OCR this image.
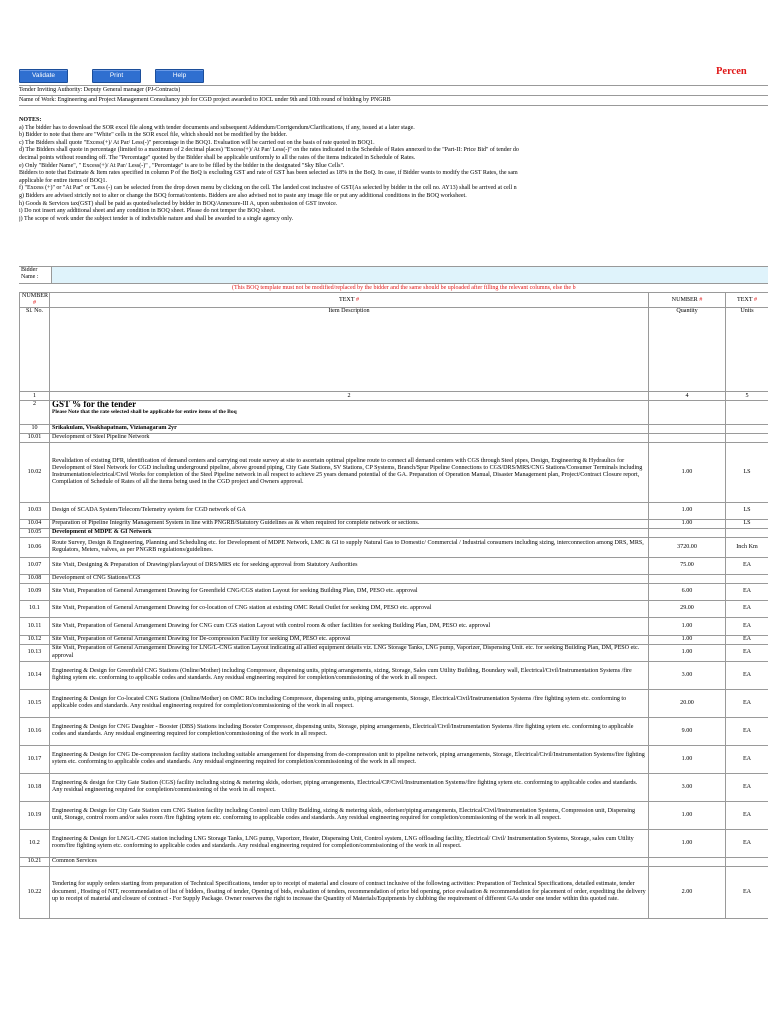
Validate	Print	Help	Percen
Tender Inviting Authority: Deputy General manager (PJ-Contracts)
Name of Work: Engineering and Project Management Consultancy job for CGD project awarded to IOCL under 9th and 10th round of bidding by PNGRB
NOTES:
a) The bidder has to download the SOR excel file along with tender documents and subsequent Addendum/Corrigendum/Clarifications, if any, issued at a later stage.
b) Bidder to note that there are "White" cells in the SOR excel file, which should not be modified by the bidder.
c) The Bidders shall quote "Excess(+)/ At Par/ Less(-)" percentage in the BOQ1. Evaluation will be carried out on the basis of rate quoted in BOQ1.
d) The Bidders shall quote in percentage (limited to a maximum of 2 decimal places) "Excess(+)/ At Par/ Less(-)" on the rates indicated in the Schedule of Rates annexed to the "Part-II: Price Bid" of tender do
decimal points without rounding off. The "Percentage" quoted by the Bidder shall be applicable uniformly to all the rates of the items indicated in Schedule of Rates.
e) Only "Bidder Name", " Excess(+)/ At Par/ Less(-)" , "Percentage" is are to be filled by the bidder in the designated "Sky Blue Cells".
Bidders to note that Estimate & Item rates specified in column P of the BoQ is excluding GST and rate of GST has been selected as 18% in the BoQ. In case, if Bidder wants to modify the GST Rates, the sam
applicable for entire items of BOQ1.
f) "Excess (+)" or "At Par" or "Less (-) can be selected from the drop down menu by clicking on the cell. The landed cost inclusive of GST(As selected by bidder in the cell no. AY13) shall be arrived at cell n
g) Bidders are advised strictly not to alter or change the BOQ format/contents. Bidders are also advised not to paste any image file or put any additional conditions in the BOQ worksheet.
h) Goods & Services tax(GST) shall be paid as quoted/selected by bidder in BOQ/Annexure-III A, upon submission of GST invoice.
i) Do not insert any additional sheet and any condition in BOQ sheet. Please do not temper the BOQ sheet.
j) The scope of work under the subject tender is of indivisible nature and shall be awarded to a single agency only.
Bidder Name :
(This BOQ template must not be modified/replaced by the bidder and the same should be uploaded after filling the relevant columns, else the b
NUMBER #	TEXT #	NUMBER #	TEXT #
Sl. No.	Item Description	Quantity	Units
1	2	4	5
2	GST % for the tender
Please Note that the rate selected shall be applicable for entire items of the Boq		

10	Srikakulam, Visakhapatnam, Vizianagaram 2yr		
10.01	Development of Steel Pipeline Network		
10.02	Revalidation of existing DFR, identification of demand centers and carrying out route survey at site to ascertain optimal pipeline route to connect all demand centers with CGS through Steel pipes, Design, Engineering & Hydraulics for Development of Steel Network for CGD including underground pipeline, above ground piping, City Gate Stations, SV Stations, CP Systems, Branch/Spur Pipeline Connections to CGS/DRS/MRS/CNG Stations/Consumer Terminals including Instrumentation/electrical/Civil Works for completion of the Steel Pipeline network in all respect to achieve 25 years demand potential of the GA. Preparation of Operation Manual, Disaster Management plan, Project/Contract Closure report, Compilation of Schedule of Rates of all the items being used in the CGD project and Owners approval.	1.00	LS
10.03	Design of SCADA System/Telecom/Telemetry system for CGD network of GA	1.00	LS
10.04	Preparation of Pipeline Integrity Management System in line with PNGRB/Statutory Guidelines as & when required for complete network or sections.	1.00	LS
10.05	Development of MDPE & GI Network		
10.06	Route Survey, Design & Engineering, Planning and Scheduling etc. for Development of MDPE Network, LMC & GI to supply Natural Gas to Domestic/ Commercial / Industrial consumers including sizing, interconnection among DRS, MRS, Regulators, Meters, valves, as per PNGRB regulations/guidelines.	3720.00	Inch Km
10.07	Site Visit, Designing & Preparation of Drawing/plan/layout of DRS/MRS etc for seeking approval from Statutory Authorities	75.00	EA
10.08	Development of CNG Stations/CGS		
10.09	Site Visit, Preparation of General Arrangement Drawing for Greenfield CNG/CGS station Layout for seeking Building Plan, DM, PESO etc. approval	6.00	EA
10.1	Site Visit, Preparation of General Arrangement Drawing for co-location of CNG station at existing OMC Retail Outlet for seeking DM, PESO etc. approval	29.00	EA
10.11	Site Visit, Preparation of General Arrangement Drawing for CNG cum CGS station Layout with control room & other facilities for seeking Building Plan, DM, PESO etc. approval	1.00	EA
10.12	Site Visit, Preparation of General Arrangement Drawing for De-compression Facility for seeking DM, PESO etc. approval	1.00	EA
10.13	Site Visit, Preparation of General Arrangement Drawing for LNG/L-CNG station Layout indicating all allied equipment details viz. LNG Storage Tanks, LNG pump, Vaporizer, Dispensing Unit. etc. for seeking Building Plan, DM, PESO etc. approval	1.00	EA
10.14	Engineering & Design for Greenfield CNG Stations (Online/Mother) including Compressor, dispensing units, piping arrangements, sizing, Storage, Sales cum Utility Building, Boundary wall, Electrical/Civil/Instrumentation Systems /fire fighting sytem etc. conforming to applicable codes and standards. Any residual engineering required for completion/commissioning of the work in all respect.	3.00	EA
10.15	Engineering & Design for Co-located CNG Stations (Online/Mother) on OMC ROs including Compressor, dispensing units, piping arrangements, Storage, Electrical/Civil/Instrumentation Systems /fire fighting sytem etc. conforming to applicable codes and standards. Any residual engineering required for completion/commissioning of the work in all respect.	20.00	EA
10.16	Engineering & Design for CNG Daughter - Booster (DBS) Stations including Booster Compressor, dispensing units, Storage, piping arrangements, Electrical/Civil/Instrumentation Systems /fire fighting sytem etc. conforming to applicable codes and standards. Any residual engineering required for completion/commissioning of the work in all respect.	9.00	EA
10.17	Engineering & Design for CNG De-compression facility stations including suitable arrangement for dispensing from de-compression unit to pipeline network, piping arrangements, Storage, Electrical/Civil/Instrumentation Systems/fire fighting sytem etc. conforming to applicable codes and standards. Any residual engineering required for completion/commissioning of the work in all respect.	1.00	EA
10.18	Engineering & design for City Gate Station (CGS) facility including sizing & metering skids, odoriser, piping arrangements, Electrical/CP/Civil/Instrumentation Systems/fire fighting sytem etc. conforming to applicable codes and standards. Any residual engineering required for completion/commissioning of the work in all respect.	3.00	EA
10.19	Engineering & Design for City Gate Station cum CNG Station facility including Control cum Utility Building, sizing & metering skids, odoriser/piping arrangements, Electrical/Civil/Instrumentation Systems, Compression unit, Dispensing unit, Storage, control room and/or sales room /fire fighting sytem etc. conforming to applicable codes and standards. Any residual engineering required for completion/commissioning of the work in all respect.	1.00	EA
10.2	Engineering & Design for LNG/L-CNG station including LNG Storage Tanks, LNG pump, Vaporizer, Heater, Dispensing Unit, Control system, LNG offloading facility, Electrical/ Civil/ Instrumentation Systems, Storage, sales cum Utility room/fire fighting sytem etc. conforming to applicable codes and standards. Any residual engineering required for completion/commissioning of the work in all respect.	1.00	EA
10.21	Common Services		
10.22	Tendering for supply orders starting from preparation of Technical Specifications, tender up to receipt of material and closure of contract inclusive of the following activities: Preparation of Technical Specifications, detailed estimate, tender document , Hosting of NIT, recommendation of list of bidders, floating of tender, Opening of bids, evaluation of tenders, recommendation of price bid opening, price evaluation & recommendation for placement of order, expediting the delivery up to receipt of material and closure of contract - For Supply Package. Owner reserves the right to increase the Quantity of Materials/Equipments by clubbing the requirement of different GAs under one tender within this quoted rate.	2.00	EA
